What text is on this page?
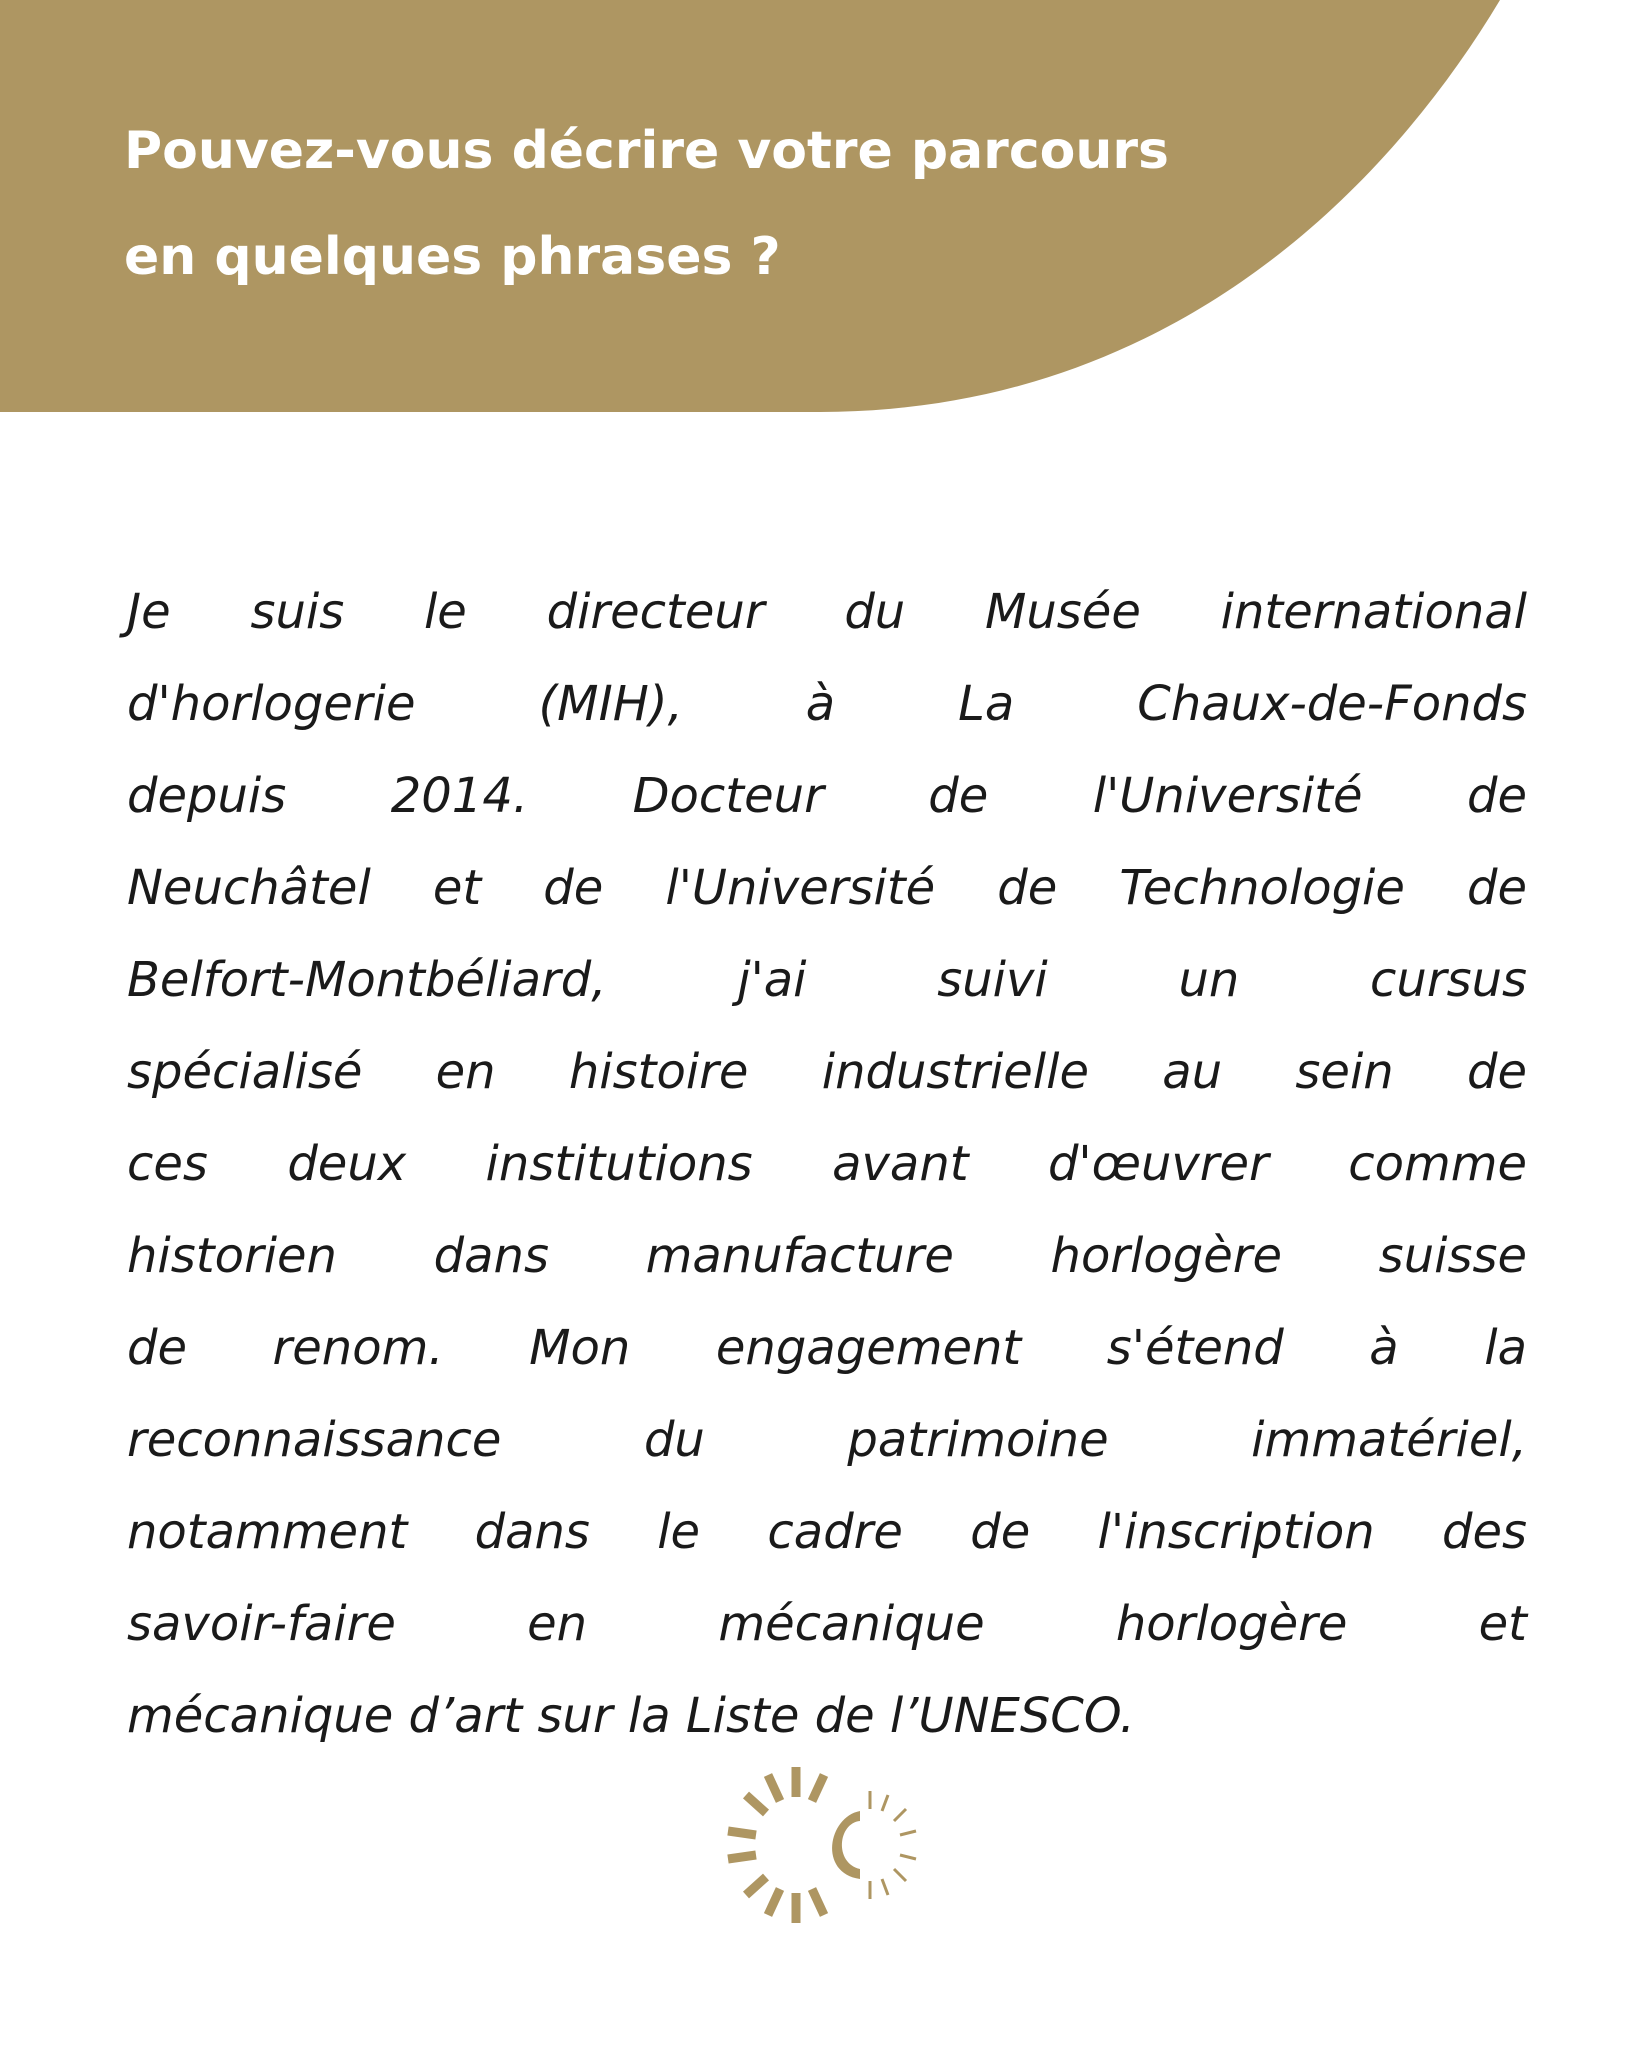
Pouvez-vous décrire votre parcours
en quelques phrases ?
Je suis le directeur du Musée international
d'horlogerie (MIH), à La Chaux-de-Fonds
depuis 2014. Docteur de l'Université de
Neuchâtel et de l'Université de Technologie de
Belfort-Montbéliard, j'ai suivi un cursus
spécialisé en histoire industrielle au sein de
ces deux institutions avant d'œuvrer comme
historien dans manufacture horlogère suisse
de renom. Mon engagement s'étend à la
reconnaissance du patrimoine immatériel,
notamment dans le cadre de l'inscription des
savoir-faire en mécanique horlogère et
mécanique d’art sur la Liste de l’UNESCO.
